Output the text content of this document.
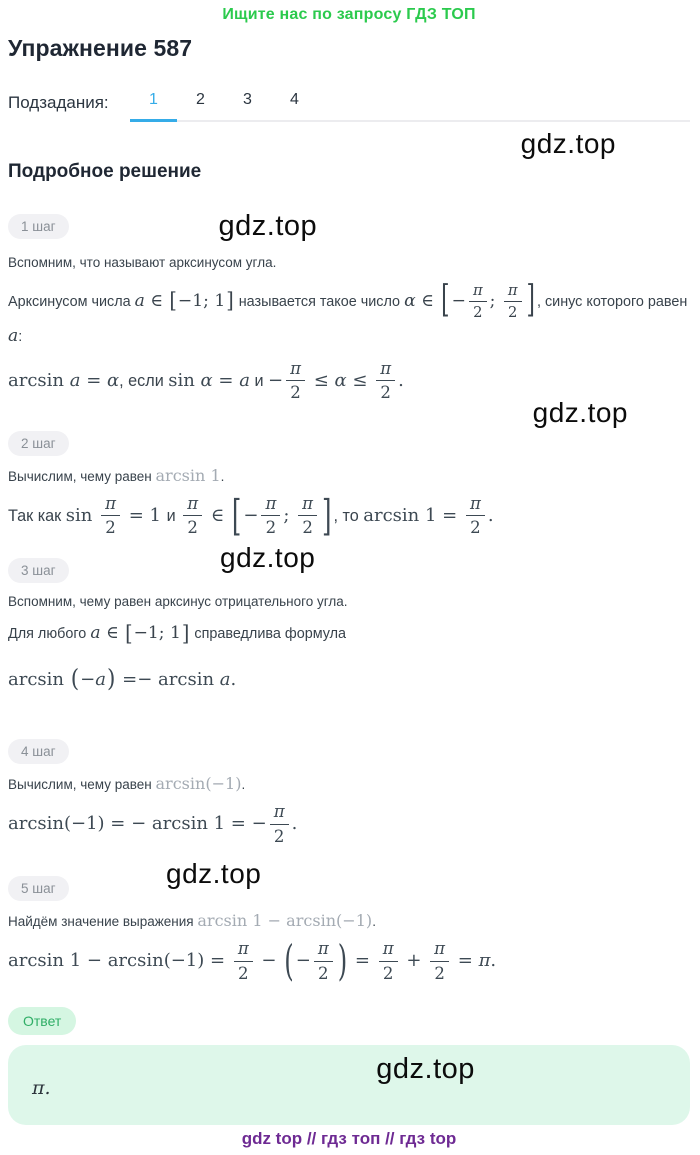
Ищите нас по запросу ГДЗ ТОП
Упражнение 587
Подзадания:	1	2	3	4
gdz.top
Подробное решение
1 шаг	gdz.top

Вспомним, что называют арксинусом угла.

Арксинусом числа a ∈ [−1; 1] называется такое число α ∈ [ − $\frac{\pi}{2}$ ; $\frac{\pi}{2}$ ] , синус которого равен a:

arcsin a = α, если sin α = a $и - \frac{\pi}{2} \le \alpha \le \frac{\pi}{2}$ .

gdz.top
2 шаг

Вычислим, чему равен arcsin 1.

Так как $\sin \frac{\pi}{2} = 1$ и $\frac{\pi}{2}$ ∈ [ − $\frac{\pi}{2}$ ; $\frac{\pi}{2}$ ] , то $\arcsin 1 = \frac{\pi}{2}$ .

gdz.top
3 шаг

Вспомним, чему равен арксинус отрицательного угла.

Для любого a ∈ [−1; 1] справедлива формула

arcsin (−a) =− arcsin a.

4 шаг

Вычислим, чему равен arcsin(−1).

arcsin(−1) = − arcsin 1 = − $\frac{\pi}{2}$ .

gdz.top
5 шаг

Найдём значение выражения arcsin 1 − arcsin(−1).

$\arcsin 1 - \arcsin(-1) = \frac{\pi}{2}$ − ( − $\frac{\pi}{2}$ ) = $\frac{\pi}{2} + \frac{\pi}{2} = \pi$.

Ответ
π.
gdz.top
gdz top // гдз топ // гдз top
